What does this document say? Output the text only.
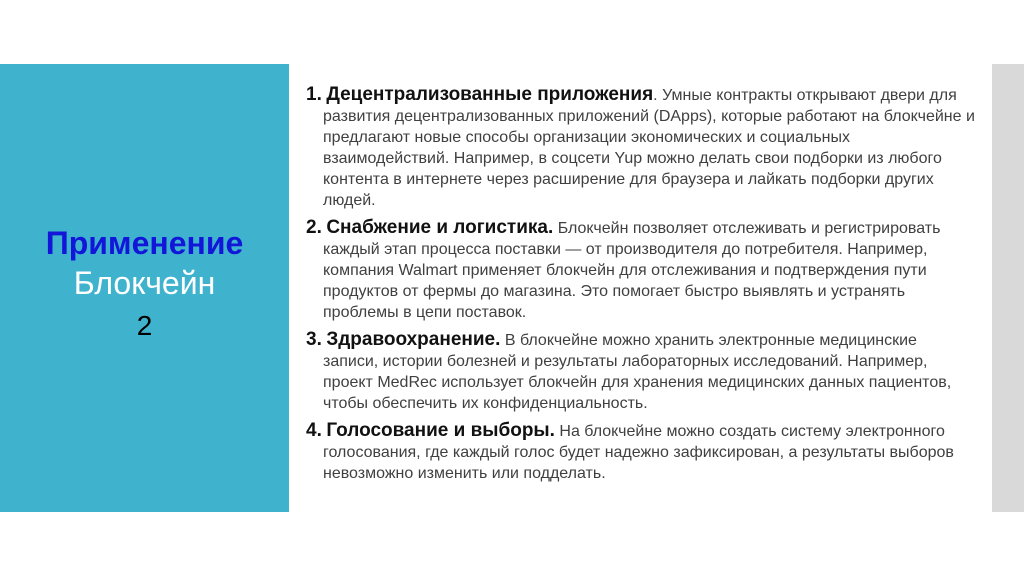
Применение
Блокчейн
2

1. Децентрализованные приложения. Умные контракты открывают двери для развития децентрализованных приложений (DApps), которые работают на блокчейне и предлагают новые способы организации экономических и социальных взаимодействий. Например, в соцсети Yup можно делать свои подборки из любого контента в интернете через расширение для браузера и лайкать подборки других людей.

2. Снабжение и логистика. Блокчейн позволяет отслеживать и регистрировать каждый этап процесса поставки — от производителя до потребителя. Например, компания Walmart применяет блокчейн для отслеживания и подтверждения пути продуктов от фермы до магазина. Это помогает быстро выявлять и устранять проблемы в цепи поставок.

3. Здравоохранение. В блокчейне можно хранить электронные медицинские записи, истории болезней и результаты лабораторных исследований. Например, проект MedRec использует блокчейн для хранения медицинских данных пациентов, чтобы обеспечить их конфиденциальность.

4. Голосование и выборы. На блокчейне можно создать систему электронного голосования, где каждый голос будет надежно зафиксирован, а результаты выборов невозможно изменить или подделать.
